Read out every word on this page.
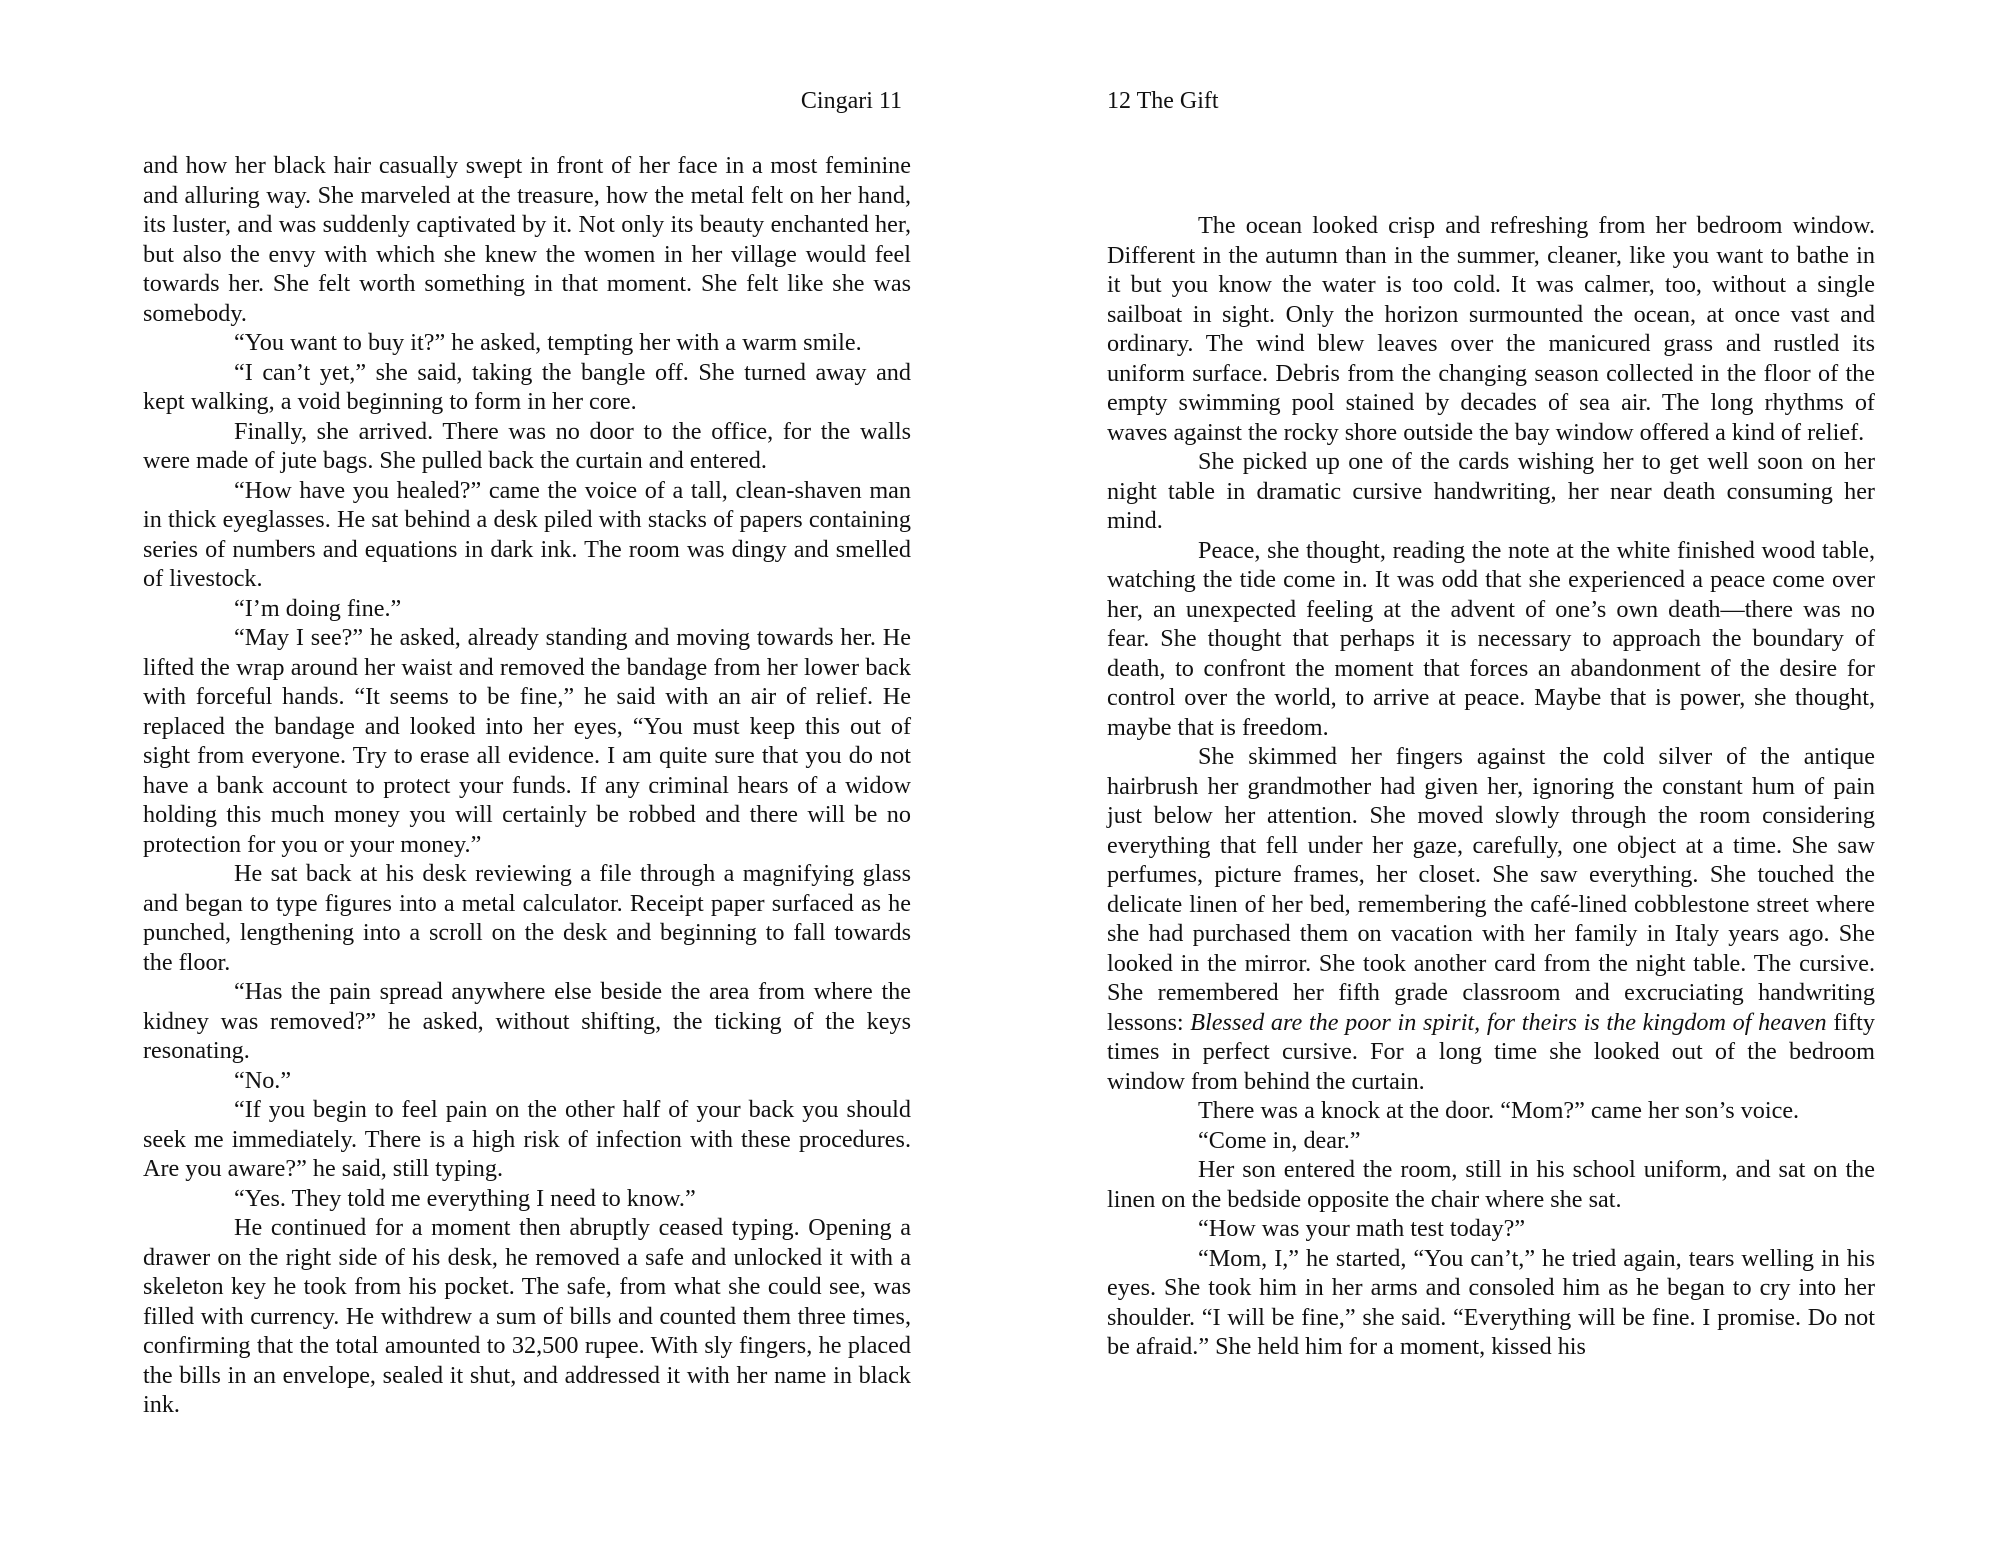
Cingari 11

and how her black hair casually swept in front of her face in a most feminine and alluring way. She marveled at the treasure, how the metal felt on her hand, its luster, and was suddenly captivated by it. Not only its beauty enchanted her, but also the envy with which she knew the women in her village would feel towards her. She felt worth something in that moment. She felt like she was somebody.

“You want to buy it?” he asked, tempting her with a warm smile.

“I can’t yet,” she said, taking the bangle off. She turned away and kept walking, a void beginning to form in her core.

Finally, she arrived. There was no door to the office, for the walls were made of jute bags. She pulled back the curtain and entered.

“How have you healed?” came the voice of a tall, clean-shaven man in thick eyeglasses. He sat behind a desk piled with stacks of papers containing series of numbers and equations in dark ink. The room was dingy and smelled of livestock.

“I’m doing fine.”

“May I see?” he asked, already standing and moving towards her. He lifted the wrap around her waist and removed the bandage from her lower back with forceful hands. “It seems to be fine,” he said with an air of relief. He replaced the bandage and looked into her eyes, “You must keep this out of sight from everyone. Try to erase all evidence. I am quite sure that you do not have a bank account to protect your funds. If any criminal hears of a widow holding this much money you will certainly be robbed and there will be no protection for you or your money.”

He sat back at his desk reviewing a file through a magnifying glass and began to type figures into a metal calculator. Receipt paper surfaced as he punched, lengthening into a scroll on the desk and beginning to fall towards the floor.

“Has the pain spread anywhere else beside the area from where the kidney was removed?” he asked, without shifting, the ticking of the keys resonating.

“No.”

“If you begin to feel pain on the other half of your back you should seek me immediately. There is a high risk of infection with these procedures. Are you aware?” he said, still typing.

“Yes. They told me everything I need to know.”

He continued for a moment then abruptly ceased typing. Opening a drawer on the right side of his desk, he removed a safe and unlocked it with a skeleton key he took from his pocket. The safe, from what she could see, was filled with currency. He withdrew a sum of bills and counted them three times, confirming that the total amounted to 32,500 rupee. With sly fingers, he placed the bills in an envelope, sealed it shut, and addressed it with her name in black ink.

12 The Gift

The ocean looked crisp and refreshing from her bedroom window. Different in the autumn than in the summer, cleaner, like you want to bathe in it but you know the water is too cold. It was calmer, too, without a single sailboat in sight. Only the horizon surmounted the ocean, at once vast and ordinary. The wind blew leaves over the manicured grass and rustled its uniform surface. Debris from the changing season collected in the floor of the empty swimming pool stained by decades of sea air. The long rhythms of waves against the rocky shore outside the bay window offered a kind of relief.

She picked up one of the cards wishing her to get well soon on her night table in dramatic cursive handwriting, her near death consuming her mind.

Peace, she thought, reading the note at the white finished wood table, watching the tide come in. It was odd that she experienced a peace come over her, an unexpected feeling at the advent of one’s own death—there was no fear. She thought that perhaps it is necessary to approach the boundary of death, to confront the moment that forces an abandonment of the desire for control over the world, to arrive at peace. Maybe that is power, she thought, maybe that is freedom.

She skimmed her fingers against the cold silver of the antique hairbrush her grandmother had given her, ignoring the constant hum of pain just below her attention. She moved slowly through the room considering everything that fell under her gaze, carefully, one object at a time. She saw perfumes, picture frames, her closet. She saw everything. She touched the delicate linen of her bed, remembering the café-lined cobblestone street where she had purchased them on vacation with her family in Italy years ago. She looked in the mirror. She took another card from the night table. The cursive. She remembered her fifth grade classroom and excruciating handwriting lessons: Blessed are the poor in spirit, for theirs is the kingdom of heaven fifty times in perfect cursive. For a long time she looked out of the bedroom window from behind the curtain.

There was a knock at the door. “Mom?” came her son’s voice.

“Come in, dear.”

Her son entered the room, still in his school uniform, and sat on the linen on the bedside opposite the chair where she sat.

“How was your math test today?”

“Mom, I,” he started, “You can’t,” he tried again, tears welling in his eyes. She took him in her arms and consoled him as he began to cry into her shoulder. “I will be fine,” she said. “Everything will be fine. I promise. Do not be afraid.” She held him for a moment, kissed his
